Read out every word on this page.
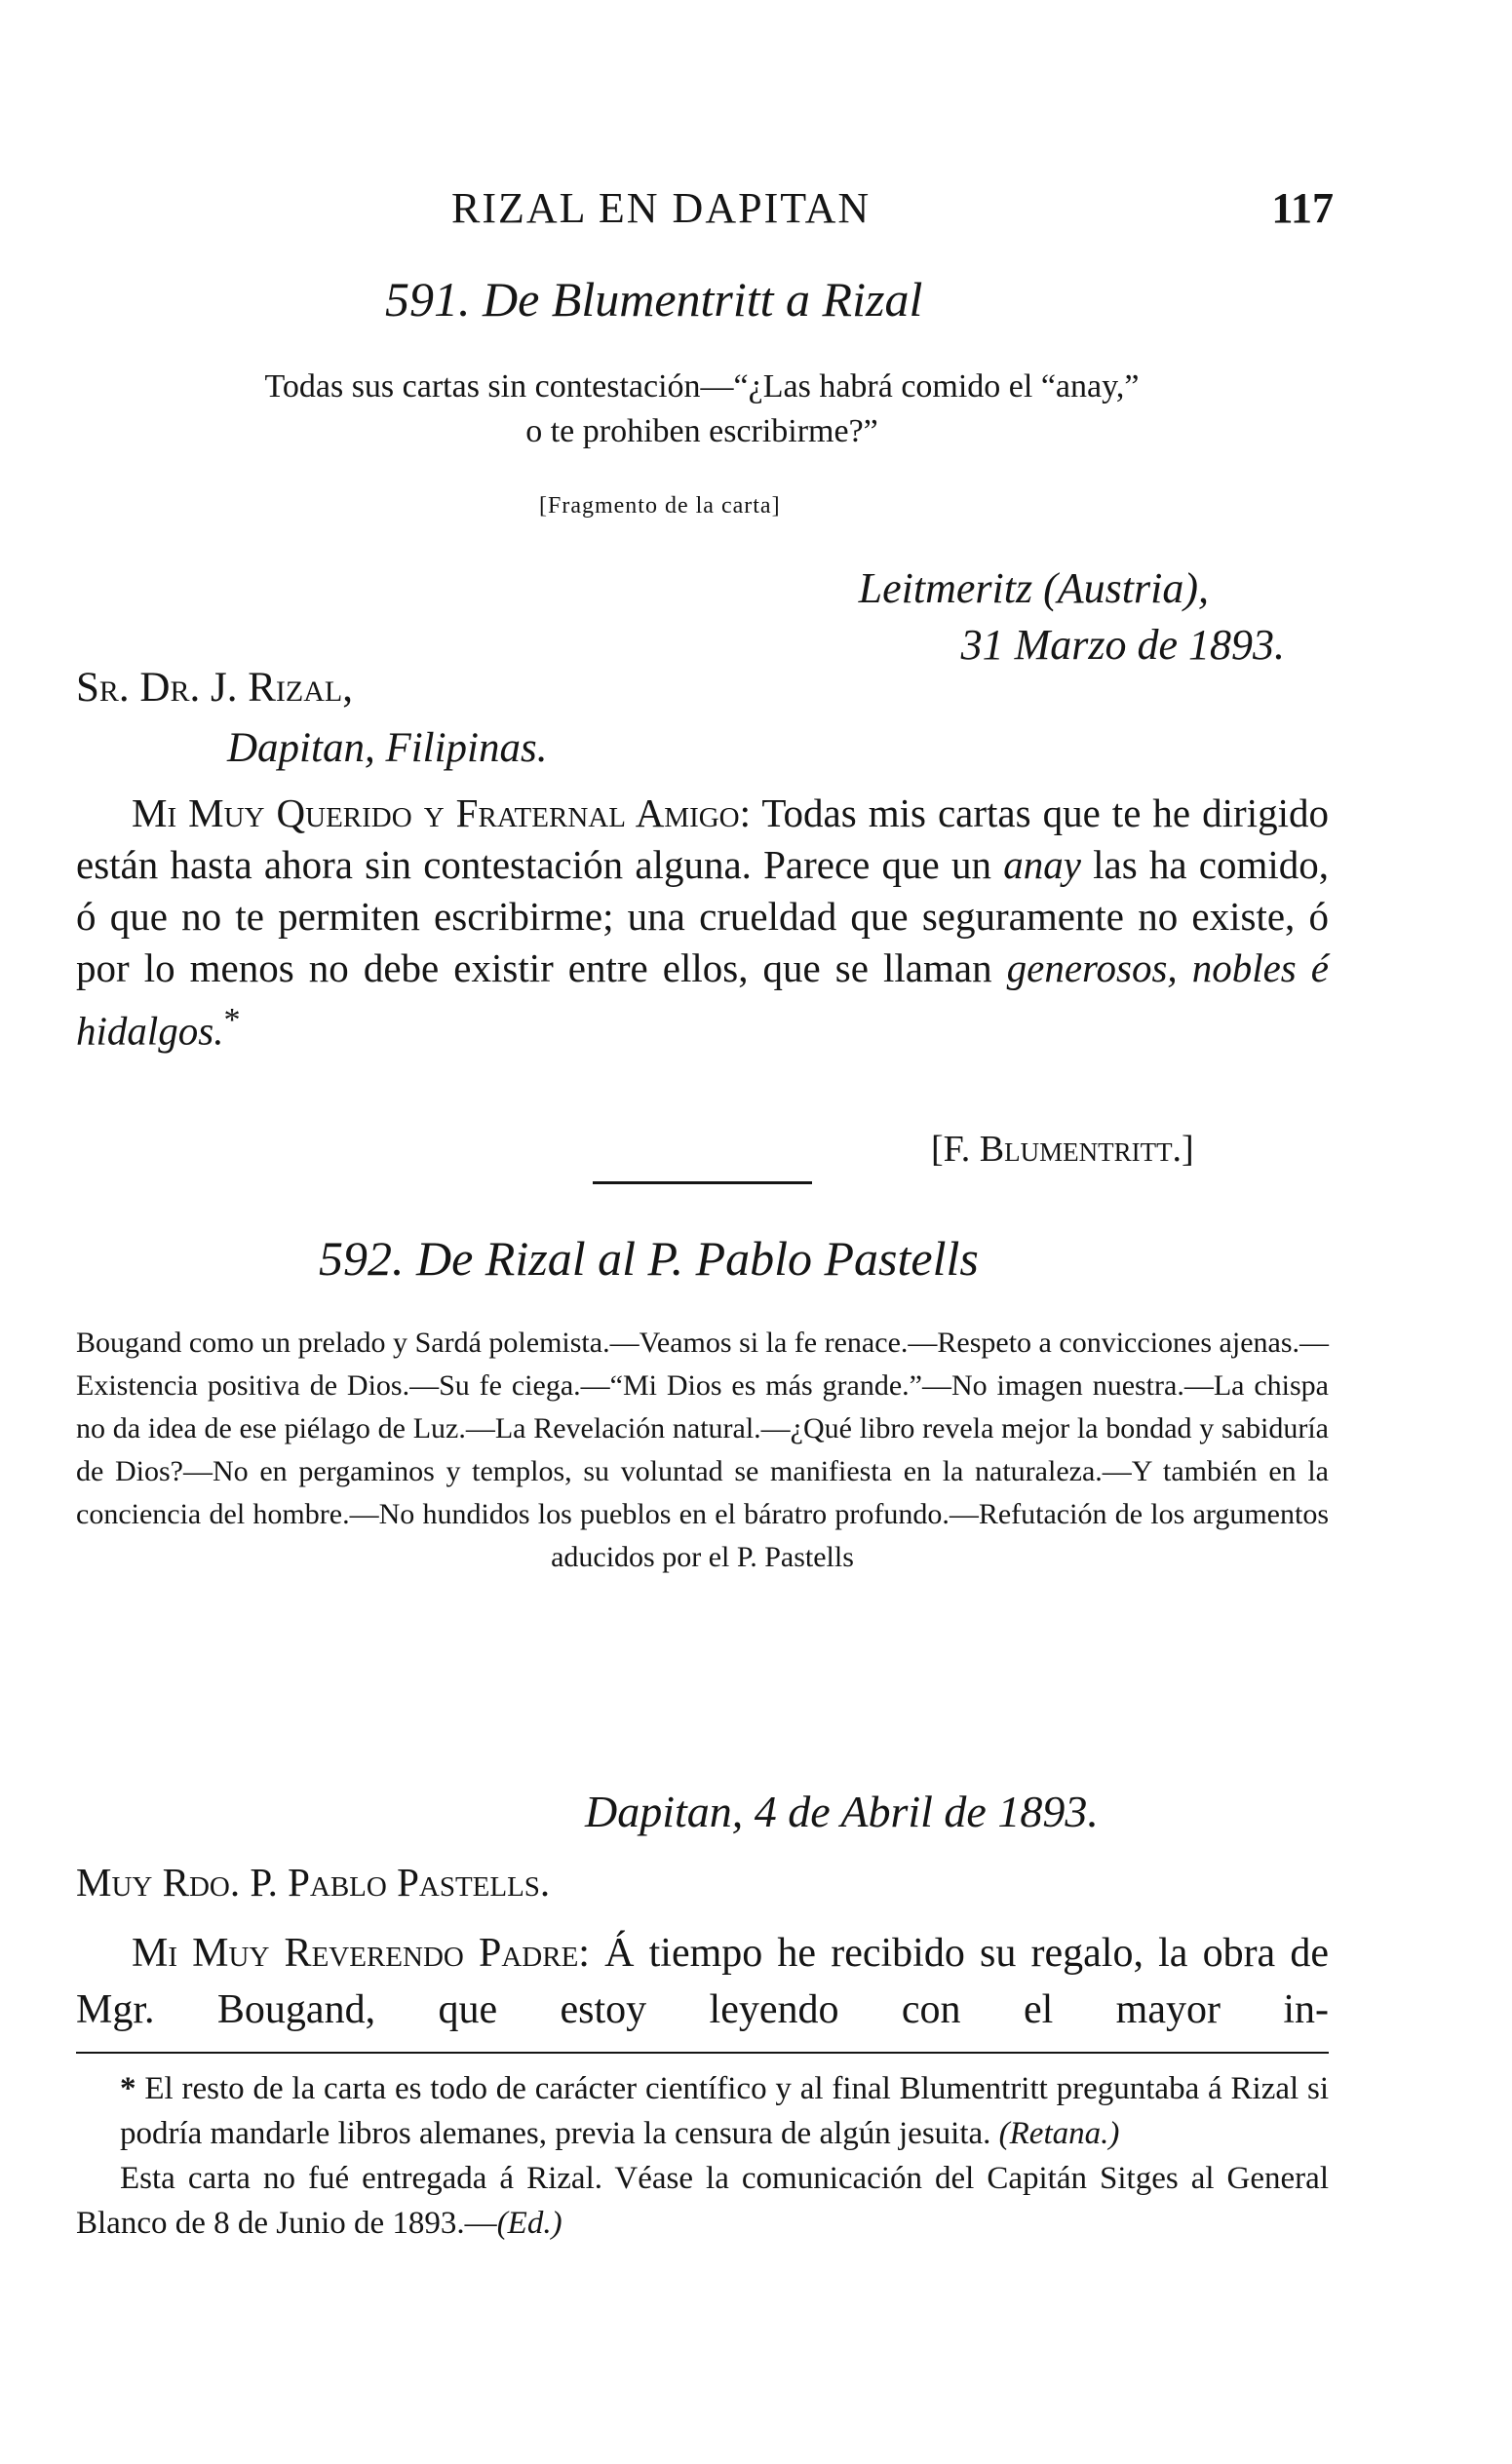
RIZAL EN DAPITAN	117
591. De Blumentritt a Rizal
Todas sus cartas sin contestación—“¿Las habrá comido el “anay,”
o te prohiben escribirme?”
[Fragmento de la carta]
Leitmeritz (Austria),
31 Marzo de 1893.
Sr. Dr. J. Rizal,
Dapitan, Filipinas.
Mi Muy Querido y Fraternal Amigo: Todas mis cartas que te he dirigido están hasta ahora sin contestación alguna. Parece que un anay las ha comido, ó que no te permiten escribirme; una crueldad que seguramente no existe, ó por lo menos no debe existir entre ellos, que se llaman generosos, nobles é hidalgos.*
[F. Blumentritt.]
592. De Rizal al P. Pablo Pastells
Bougand como un prelado y Sardá polemista.—Veamos si la fe renace.—Respeto a convicciones ajenas.—Existencia positiva de Dios.—Su fe ciega.—“Mi Dios es más grande.”—No imagen nuestra.—La chispa no da idea de ese piélago de Luz.—La Revelación natural.—¿Qué libro revela mejor la bondad y sabiduría de Dios?—No en pergaminos y templos, su voluntad se manifiesta en la naturaleza.—Y también en la conciencia del hombre.—No hundidos los pueblos en el báratro profundo.—Refutación de los argumentos aducidos por el P. Pastells
Dapitan, 4 de Abril de 1893.
Muy Rdo. P. Pablo Pastells.
Mi Muy Reverendo Padre: Á tiempo he recibido su regalo, la obra de Mgr. Bougand, que estoy leyendo con el mayor in-
* El resto de la carta es todo de carácter científico y al final Blumentritt preguntaba á Rizal si podría mandarle libros alemanes, previa la censura de algún jesuita. (Retana.)
Esta carta no fué entregada á Rizal. Véase la comunicación del Capitán Sitges al General Blanco de 8 de Junio de 1893.—(Ed.)
